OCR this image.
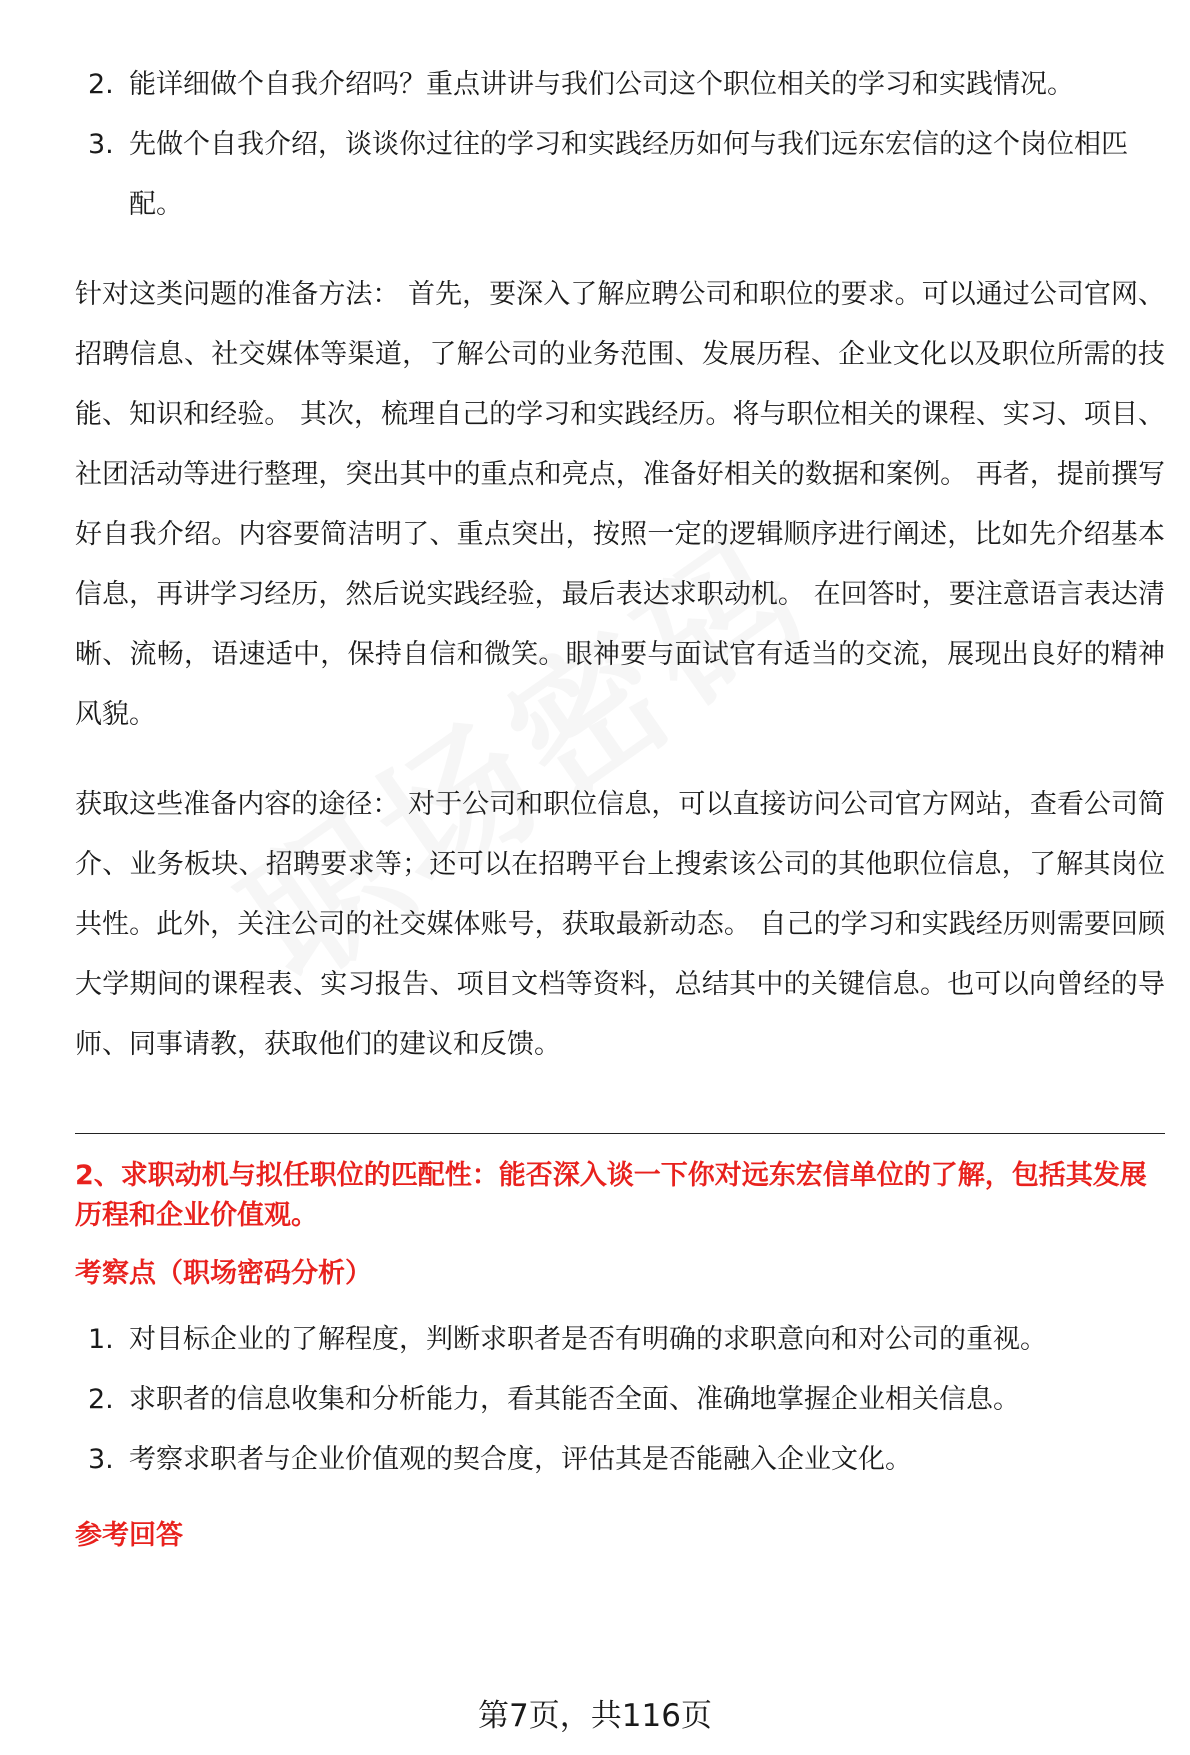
2. 能详细做个自我介绍吗？重点讲讲与我们公司这个职位相关的学习和实践情况。
3. 先做个自我介绍，谈谈你过往的学习和实践经历如何与我们远东宏信的这个岗位相匹配。

针对这类问题的准备方法： 首先，要深入了解应聘公司和职位的要求。可以通过公司官网、招聘信息、社交媒体等渠道，了解公司的业务范围、发展历程、企业文化以及职位所需的技能、知识和经验。 其次，梳理自己的学习和实践经历。将与职位相关的课程、实习、项目、社团活动等进行整理，突出其中的重点和亮点，准备好相关的数据和案例。 再者，提前撰写好自我介绍。内容要简洁明了、重点突出，按照一定的逻辑顺序进行阐述，比如先介绍基本信息，再讲学习经历，然后说实践经验，最后表达求职动机。 在回答时，要注意语言表达清晰、流畅，语速适中，保持自信和微笑。眼神要与面试官有适当的交流，展现出良好的精神风貌。

获取这些准备内容的途径： 对于公司和职位信息，可以直接访问公司官方网站，查看公司简介、业务板块、招聘要求等；还可以在招聘平台上搜索该公司的其他职位信息，了解其岗位共性。此外，关注公司的社交媒体账号，获取最新动态。 自己的学习和实践经历则需要回顾大学期间的课程表、实习报告、项目文档等资料，总结其中的关键信息。也可以向曾经的导师、同事请教，获取他们的建议和反馈。

2、求职动机与拟任职位的匹配性：能否深入谈一下你对远东宏信单位的了解，包括其发展历程和企业价值观。

考察点（职场密码分析）

1. 对目标企业的了解程度，判断求职者是否有明确的求职意向和对公司的重视。
2. 求职者的信息收集和分析能力，看其能否全面、准确地掌握企业相关信息。
3. 考察求职者与企业价值观的契合度，评估其是否能融入企业文化。
参考回答
第7页，共116页
